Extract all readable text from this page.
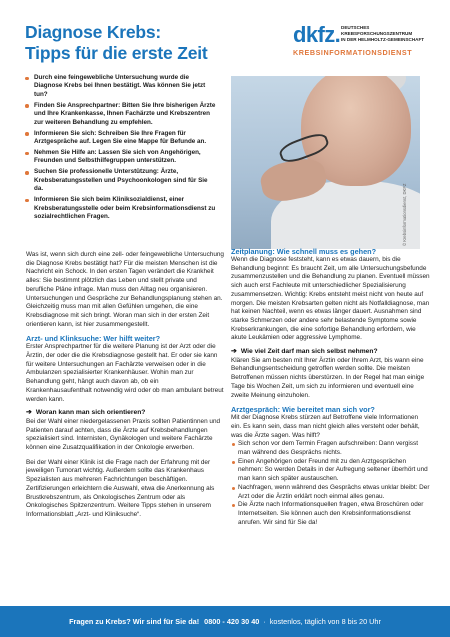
Diagnose Krebs:
Tipps für die erste Zeit
dkfz. DEUTSCHES
KREBSFORSCHUNGSZENTRUM
IN DER HELMHOLTZ-GEMEINSCHAFT
KREBSINFORMATIONSDIENST
Durch eine feingewebliche Untersuchung wurde die Diagnose Krebs bei Ihnen bestätigt. Was können Sie jetzt tun?
Finden Sie Ansprechpartner: Bitten Sie Ihre bisherigen Ärzte und Ihre Krankenkasse, Ihnen Fachärzte und Krebszentren zur weiteren Behandlung zu empfehlen.
Informieren Sie sich: Schreiben Sie Ihre Fragen für Arztgespräche auf. Legen Sie eine Mappe für Befunde an.
Nehmen Sie Hilfe an: Lassen Sie sich von Angehörigen, Freunden und Selbsthilfegruppen unterstützen.
Suchen Sie professionelle Unterstützung: Ärzte, Krebsberatungsstellen und Psychoonkologen sind für Sie da.
Informieren Sie sich beim Kliniksozialdienst, einer Krebsberatungsstelle oder beim Krebsinformationsdienst zu sozialrechtlichen Fragen.	© Krebsinformationsdienst, DKFZ

Was ist, wenn sich durch eine zell- oder feingewebliche Untersuchung die Diagnose Krebs bestätigt hat? Für die meisten Menschen ist die Nachricht ein Schock. In den ersten Tagen verändert die Krankheit alles: Sie bestimmt plötzlich das Leben und stellt private und berufliche Pläne infrage. Man muss den Alltag neu organisieren. Untersuchungen und Gespräche zur Behandlungsplanung stehen an. Gleichzeitig muss man mit allen Gefühlen umgehen, die eine Krebsdiagnose mit sich bringt. Woran man sich in der ersten Zeit orientieren kann, ist hier zusammengestellt.

Arzt- und Klinksuche: Wer hilft weiter?

Erster Ansprechpartner für die weitere Planung ist der Arzt oder die Ärztin, der oder die die Krebsdiagnose gestellt hat. Er oder sie kann für weitere Untersuchungen an Fachärzte verweisen oder in die Ambulanzen spezialisierter Krankenhäuser. Wohin man zur Behandlung geht, hängt auch davon ab, ob ein Krankenhausaufenthalt notwendig wird oder ob man ambulant betreut werden kann.

➔ Woran kann man sich orientieren?

Bei der Wahl einer niedergelassenen Praxis sollten Patientinnen und Patienten darauf achten, dass die Ärzte auf Krebsbehandlungen spezialisiert sind. Internisten, Gynäkologen und weitere Fachärzte können eine Zusatzqualifikation in der Onkologie erwerben.

Bei der Wahl einer Klinik ist die Frage nach der Erfahrung mit der jeweiligen Tumorart wichtig. Außerdem sollte das Krankenhaus Spezialisten aus mehreren Fachrichtungen beschäftigen. Zertifizierungen erleichtern die Auswahl, etwa die Anerkennung als Brustkrebszentrum, als Onkologisches Zentrum oder als Onkologisches Spitzenzentrum. Weitere Tipps stehen in unserem Informationsblatt „Arzt- und Kliniksuche“.

Zeitplanung: Wie schnell muss es gehen?

Wenn die Diagnose feststeht, kann es etwas dauern, bis die Behandlung beginnt: Es braucht Zeit, um alle Untersuchungsbefunde zusammenzustellen und die Behandlung zu planen. Eventuell müssen sich auch erst Fachleute mit unterschiedlicher Spezialisierung zusammensetzen. Wichtig: Krebs entsteht meist nicht von heute auf morgen. Die meisten Krebsarten gelten nicht als Notfalldiagnose, man hat keinen Nachteil, wenn es etwas länger dauert. Ausnahmen sind starke Schmerzen oder andere sehr belastende Symptome sowie Krebserkrankungen, die eine sofortige Behandlung erfordern, wie akute Leukämien oder aggressive Lymphome.

➔ Wie viel Zeit darf man sich selbst nehmen?

Klären Sie am besten mit Ihrer Ärztin oder Ihrem Arzt, bis wann eine Behandlungsentscheidung getroffen werden sollte. Die meisten Betroffenen müssen nichts überstürzen. In der Regel hat man einige Tage bis Wochen Zeit, um sich zu informieren und eventuell eine zweite Meinung einzuholen.

Arztgespräch: Wie bereitet man sich vor?

Mit der Diagnose Krebs stürzen auf Betroffene viele Informationen ein. Es kann sein, dass man nicht gleich alles versteht oder behält, was die Ärzte sagen. Was hilft?

Sich schon vor dem Termin Fragen aufschreiben: Dann vergisst man während des Gesprächs nichts.
Einen Angehörigen oder Freund mit zu den Arztgesprächen nehmen: So werden Details in der Aufregung seltener überhört und man kann sich später austauschen.
Nachfragen, wenn während des Gesprächs etwas unklar bleibt: Der Arzt oder die Ärztin erklärt noch einmal alles genau.
Die Ärzte nach Informationsquellen fragen, etwa Broschüren oder Internetseiten. Sie können auch den Krebsinformationsdienst anrufen. Wir sind für Sie da!
Fragen zu Krebs? Wir sind für Sie da! 0800 - 420 30 40 · kostenlos, täglich von 8 bis 20 Uhr
